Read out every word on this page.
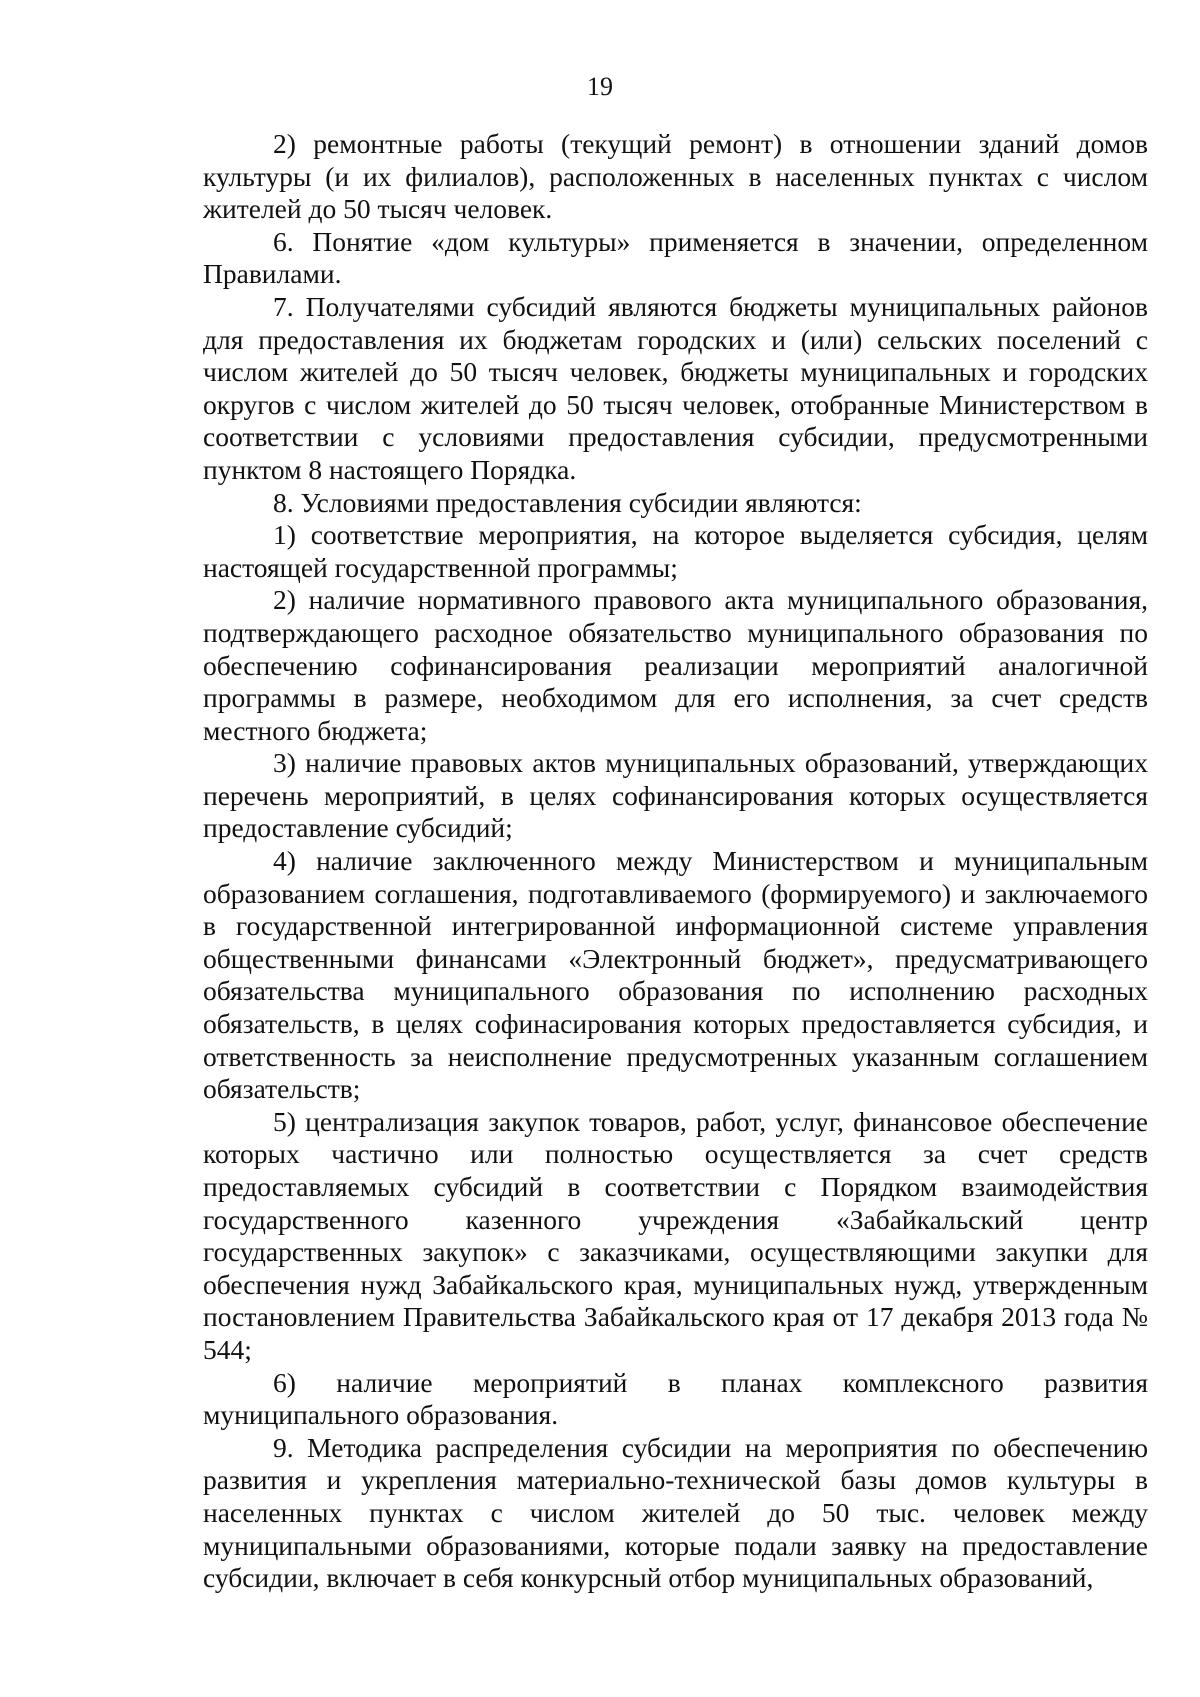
19

2) ремонтные работы (текущий ремонт) в отношении зданий домов культуры (и их филиалов), расположенных в населенных пунктах с числом жителей до 50 тысяч человек.

6. Понятие «дом культуры» применяется в значении, определенном Правилами.

7. Получателями субсидий являются бюджеты муниципальных районов для предоставления их бюджетам городских и (или) сельских поселений с числом жителей до 50 тысяч человек, бюджеты муниципальных и городских округов с числом жителей до 50 тысяч человек, отобранные Министерством в соответствии с условиями предоставления субсидии, предусмотренными пунктом 8 настоящего Порядка.

8. Условиями предоставления субсидии являются:

1) соответствие мероприятия, на которое выделяется субсидия, целям настоящей государственной программы;

2) наличие нормативного правового акта муниципального образования, подтверждающего расходное обязательство муниципального образования по обеспечению софинансирования реализации мероприятий аналогичной программы в размере, необходимом для его исполнения, за счет средств местного бюджета;

3) наличие правовых актов муниципальных образований, утверждающих перечень мероприятий, в целях софинансирования которых осуществляется предоставление субсидий;

4) наличие заключенного между Министерством и муниципальным образованием соглашения, подготавливаемого (формируемого) и заключаемого в государственной интегрированной информационной системе управления общественными финансами «Электронный бюджет», предусматривающего обязательства муниципального образования по исполнению расходных обязательств, в целях софинасирования которых предоставляется субсидия, и ответственность за неисполнение предусмотренных указанным соглашением обязательств;

5) централизация закупок товаров, работ, услуг, финансовое обеспечение которых частично или полностью осуществляется за счет средств предоставляемых субсидий в соответствии с Порядком взаимодействия государственного казенного учреждения «Забайкальский центр государственных закупок» с заказчиками, осуществляющими закупки для обеспечения нужд Забайкальского края, муниципальных нужд, утвержденным постановлением Правительства Забайкальского края от 17 декабря 2013 года № 544;

6) наличие мероприятий в планах комплексного развития муниципального образования.

9. Методика распределения субсидии на мероприятия по обеспечению развития и укрепления материально-технической базы домов культуры в населенных пунктах с числом жителей до 50 тыс. человек между муниципальными образованиями, которые подали заявку на предоставление субсидии, включает в себя конкурсный отбор муниципальных образований,
